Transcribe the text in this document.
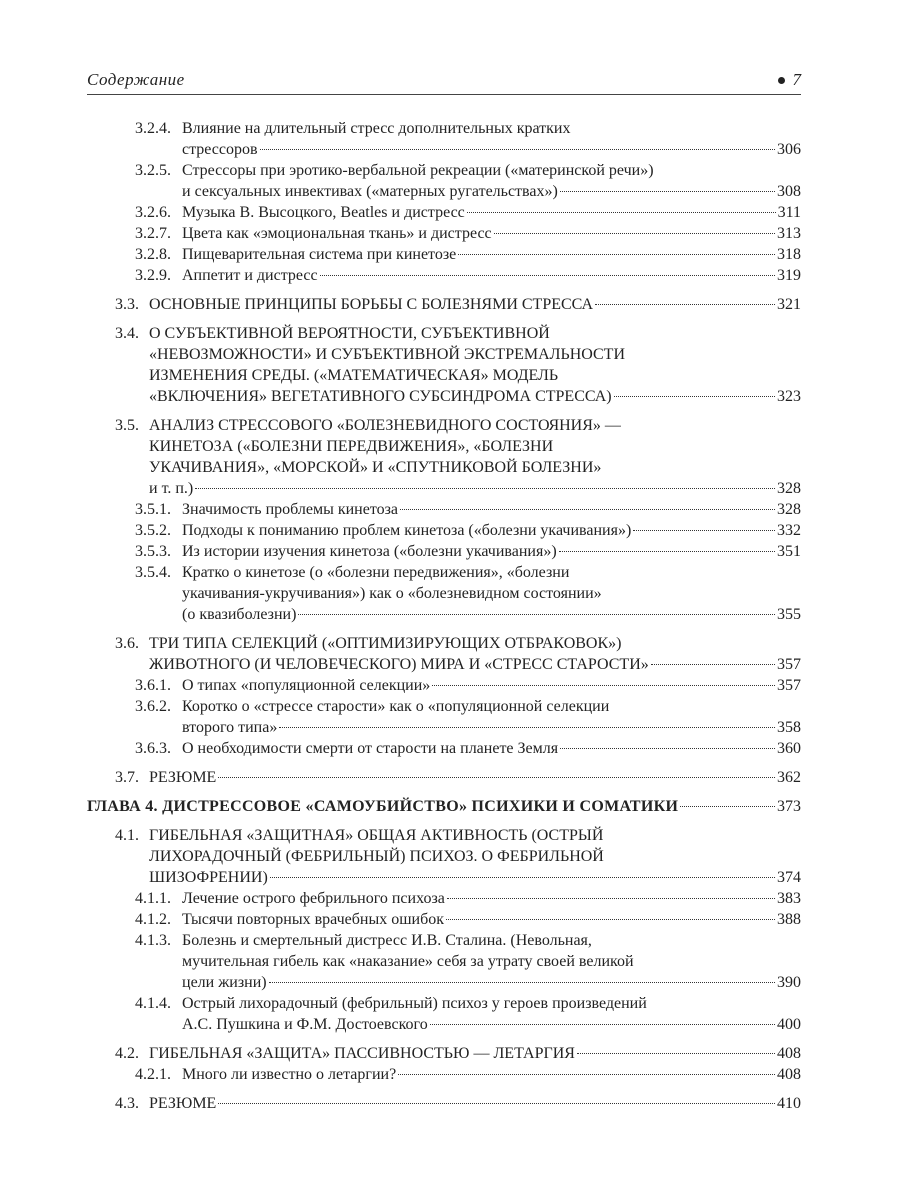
Содержание	7
3.2.4. Влияние на длительный стресс дополнительных кратких
стрессоров	306
3.2.5. Стрессоры при эротико-вербальной рекреации («материнской речи»)
и сексуальных инвективах («матерных ругательствах»)	308
3.2.6. Музыка В. Высоцкого, Beatles и дистресс	311
3.2.7. Цвета как «эмоциональная ткань» и дистресс	313
3.2.8. Пищеварительная система при кинетозе	318
3.2.9. Аппетит и дистресс	319
3.3. ОСНОВНЫЕ ПРИНЦИПЫ БОРЬБЫ С БОЛЕЗНЯМИ СТРЕССА	321
3.4. О СУБЪЕКТИВНОЙ ВЕРОЯТНОСТИ, СУБЪЕКТИВНОЙ
«НЕВОЗМОЖНОСТИ» И СУБЪЕКТИВНОЙ ЭКСТРЕМАЛЬНОСТИ
ИЗМЕНЕНИЯ СРЕДЫ. («МАТЕМАТИЧЕСКАЯ» МОДЕЛЬ
«ВКЛЮЧЕНИЯ» ВЕГЕТАТИВНОГО СУБСИНДРОМА СТРЕССА)	323
3.5. АНАЛИЗ СТРЕССОВОГО «БОЛЕЗНЕВИДНОГО СОСТОЯНИЯ» —
КИНЕТОЗА («БОЛЕЗНИ ПЕРЕДВИЖЕНИЯ», «БОЛЕЗНИ
УКАЧИВАНИЯ», «МОРСКОЙ» И «СПУТНИКОВОЙ БОЛЕЗНИ»
и т. п.)	328
3.5.1. Значимость проблемы кинетоза	328
3.5.2. Подходы к пониманию проблем кинетоза («болезни укачивания»)	332
3.5.3. Из истории изучения кинетоза («болезни укачивания»)	351
3.5.4. Кратко о кинетозе (о «болезни передвижения», «болезни
укачивания-укручивания») как о «болезневидном состоянии»
(о квазиболезни)	355
3.6. ТРИ ТИПА СЕЛЕКЦИЙ («ОПТИМИЗИРУЮЩИХ ОТБРАКОВОК»)
ЖИВОТНОГО (И ЧЕЛОВЕЧЕСКОГО) МИРА И «СТРЕСС СТАРОСТИ»	357
3.6.1. О типах «популяционной селекции»	357
3.6.2. Коротко о «стрессе старости» как о «популяционной селекции
второго типа»	358
3.6.3. О необходимости смерти от старости на планете Земля	360
3.7. РЕЗЮМЕ	362
ГЛАВА 4. ДИСТРЕССОВОЕ «САМОУБИЙСТВО» ПСИХИКИ И СОМАТИКИ	373
4.1. ГИБЕЛЬНАЯ «ЗАЩИТНАЯ» ОБЩАЯ АКТИВНОСТЬ (ОСТРЫЙ
ЛИХОРАДОЧНЫЙ (ФЕБРИЛЬНЫЙ) ПСИХОЗ. О ФЕБРИЛЬНОЙ
ШИЗОФРЕНИИ)	374
4.1.1. Лечение острого фебрильного психоза	383
4.1.2. Тысячи повторных врачебных ошибок	388
4.1.3. Болезнь и смертельный дистресс И.В. Сталина. (Невольная,
мучительная гибель как «наказание» себя за утрату своей великой
цели жизни)	390
4.1.4. Острый лихорадочный (фебрильный) психоз у героев произведений
А.С. Пушкина и Ф.М. Достоевского	400
4.2. ГИБЕЛЬНАЯ «ЗАЩИТА» ПАССИВНОСТЬЮ — ЛЕТАРГИЯ	408
4.2.1. Много ли известно о летаргии?	408
4.3. РЕЗЮМЕ	410
